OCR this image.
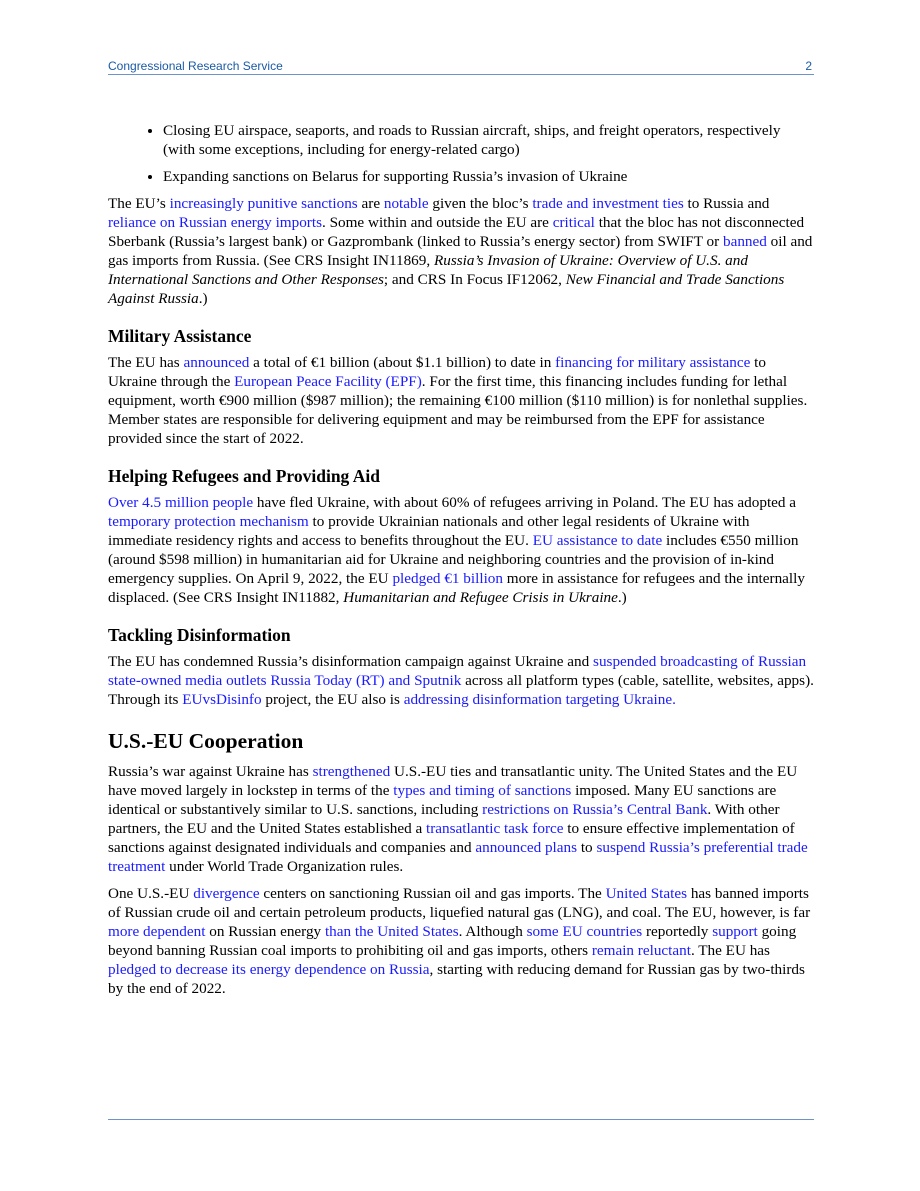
Congressional Research Service	2
• Closing EU airspace, seaports, and roads to Russian aircraft, ships, and freight operators, respectively (with some exceptions, including for energy-related cargo)
• Expanding sanctions on Belarus for supporting Russia’s invasion of Ukraine

The EU’s increasingly punitive sanctions are notable given the bloc’s trade and investment ties to Russia and reliance on Russian energy imports. Some within and outside the EU are critical that the bloc has not disconnected Sberbank (Russia’s largest bank) or Gazprombank (linked to Russia’s energy sector) from SWIFT or banned oil and gas imports from Russia. (See CRS Insight IN11869, Russia’s Invasion of Ukraine: Overview of U.S. and International Sanctions and Other Responses; and CRS In Focus IF12062, New Financial and Trade Sanctions Against Russia.)

Military Assistance

The EU has announced a total of €1 billion (about $1.1 billion) to date in financing for military assistance to Ukraine through the European Peace Facility (EPF). For the first time, this financing includes funding for lethal equipment, worth €900 million ($987 million); the remaining €100 million ($110 million) is for nonlethal supplies. Member states are responsible for delivering equipment and may be reimbursed from the EPF for assistance provided since the start of 2022.

Helping Refugees and Providing Aid

Over 4.5 million people have fled Ukraine, with about 60% of refugees arriving in Poland. The EU has adopted a temporary protection mechanism to provide Ukrainian nationals and other legal residents of Ukraine with immediate residency rights and access to benefits throughout the EU. EU assistance to date includes €550 million (around $598 million) in humanitarian aid for Ukraine and neighboring countries and the provision of in-kind emergency supplies. On April 9, 2022, the EU pledged €1 billion more in assistance for refugees and the internally displaced. (See CRS Insight IN11882, Humanitarian and Refugee Crisis in Ukraine.)

Tackling Disinformation

The EU has condemned Russia’s disinformation campaign against Ukraine and suspended broadcasting of Russian state-owned media outlets Russia Today (RT) and Sputnik across all platform types (cable, satellite, websites, apps). Through its EUvsDisinfo project, the EU also is addressing disinformation targeting Ukraine.

U.S.-EU Cooperation

Russia’s war against Ukraine has strengthened U.S.-EU ties and transatlantic unity. The United States and the EU have moved largely in lockstep in terms of the types and timing of sanctions imposed. Many EU sanctions are identical or substantively similar to U.S. sanctions, including restrictions on Russia’s Central Bank. With other partners, the EU and the United States established a transatlantic task force to ensure effective implementation of sanctions against designated individuals and companies and announced plans to suspend Russia’s preferential trade treatment under World Trade Organization rules.

One U.S.-EU divergence centers on sanctioning Russian oil and gas imports. The United States has banned imports of Russian crude oil and certain petroleum products, liquefied natural gas (LNG), and coal. The EU, however, is far more dependent on Russian energy than the United States. Although some EU countries reportedly support going beyond banning Russian coal imports to prohibiting oil and gas imports, others remain reluctant. The EU has pledged to decrease its energy dependence on Russia, starting with reducing demand for Russian gas by two-thirds by the end of 2022.
